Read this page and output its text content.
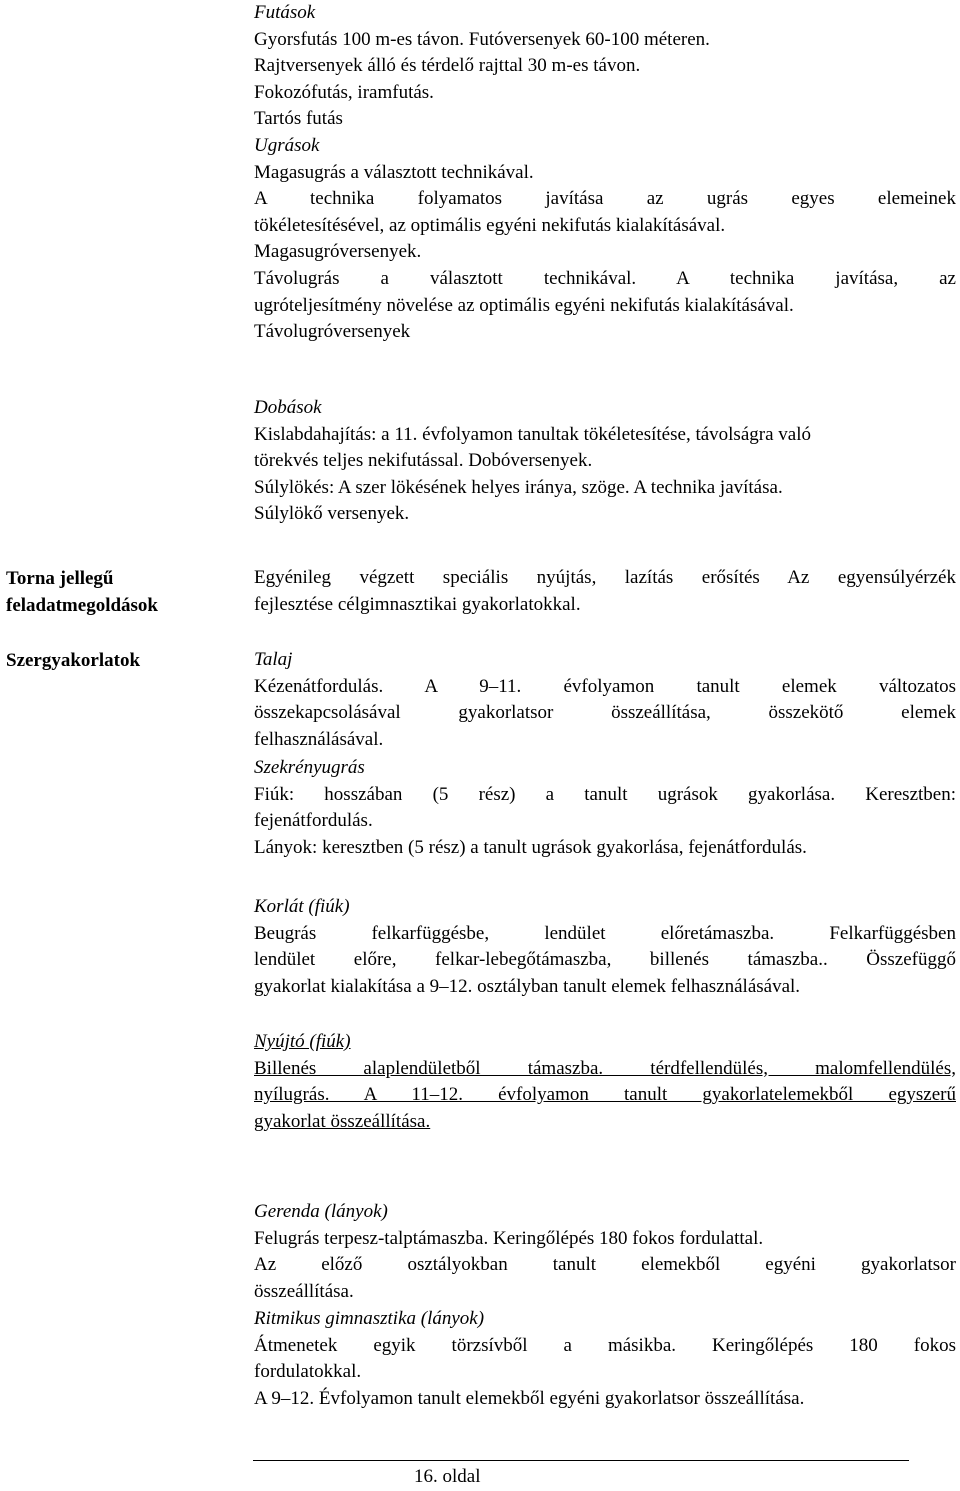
Torna jellegű
feladatmegoldások
Szergyakorlatok
Futások
Gyorsfutás 100 m-es távon. Futóversenyek 60-100 méteren.
Rajtversenyek álló és térdelő rajttal 30 m-es távon.
Fokozófutás, iramfutás.
Tartós futás
Ugrások
Magasugrás a választott technikával.
A technika folyamatos javítása az ugrás egyes elemeinek
tökéletesítésével, az optimális egyéni nekifutás kialakításával.
Magasugróversenyek.
Távolugrás a választott technikával. A technika javítása, az
ugróteljesítmény növelése az optimális egyéni nekifutás kialakításával.
Távolugróversenyek
Dobások
Kislabdahajítás: a 11. évfolyamon tanultak tökéletesítése, távolságra való
törekvés teljes nekifutással. Dobóversenyek.
Súlylökés: A szer lökésének helyes iránya, szöge. A technika javítása.
Súlylökő versenyek.
Egyénileg végzett speciális nyújtás, lazítás erősítés Az egyensúlyérzék
fejlesztése célgimnasztikai gyakorlatokkal.
Talaj
Kézenátfordulás. A 9–11. évfolyamon tanult elemek változatos
összekapcsolásával gyakorlatsor összeállítása, összekötő elemek
felhasználásával.
Szekrényugrás
Fiúk: hosszában (5 rész) a tanult ugrások gyakorlása. Keresztben:
fejenátfordulás.
Lányok: keresztben (5 rész) a tanult ugrások gyakorlása, fejenátfordulás.
Korlát (fiúk)
Beugrás felkarfüggésbe, lendület előretámaszba. Felkarfüggésben
lendület előre, felkar-lebegőtámaszba, billenés támaszba.. Összefüggő
gyakorlat kialakítása a 9–12. osztályban tanult elemek felhasználásával.
Nyújtó (fiúk)
Billenés alaplendületből támaszba. térdfellendülés, malomfellendülés,
nyílugrás. A 11–12. évfolyamon tanult gyakorlatelemekből egyszerű
gyakorlat összeállítása.
Gerenda (lányok)
Felugrás terpesz-talptámaszba. Keringőlépés 180 fokos fordulattal.
Az előző osztályokban tanult elemekből egyéni gyakorlatsor
összeállítása.
Ritmikus gimnasztika (lányok)
Átmenetek egyik törzsívből a másikba. Keringőlépés 180 fokos
fordulatokkal.
A 9–12. Évfolyamon tanult elemekből egyéni gyakorlatsor összeállítása.
16. oldal
